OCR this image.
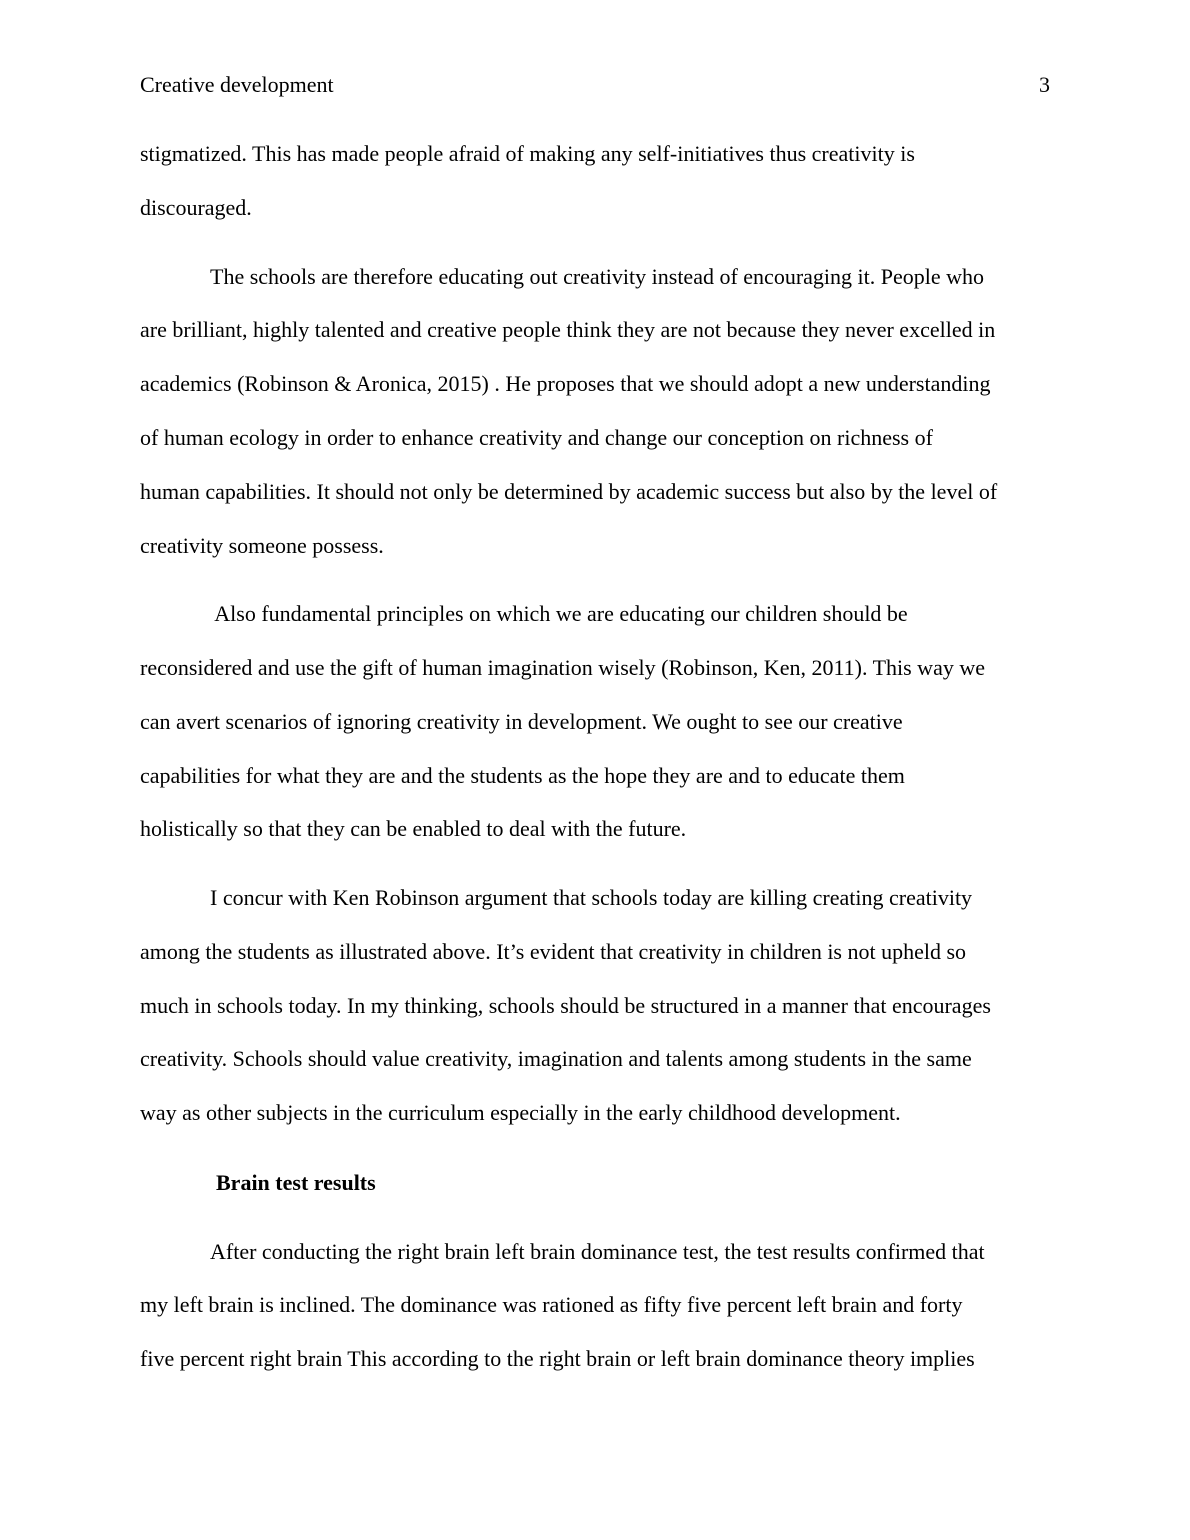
Creative development	3
stigmatized. This has made people afraid of making any self-initiatives thus creativity is
discouraged.
The schools are therefore educating out creativity instead of encouraging it. People who
are brilliant, highly talented and creative people think they are not because they never excelled in
academics (Robinson & Aronica, 2015) . He proposes that we should adopt a new understanding
of human ecology in order to enhance creativity and change our conception on richness of
human capabilities. It should not only be determined by academic success but also by the level of
creativity someone possess.
Also fundamental principles on which we are educating our children should be
reconsidered and use the gift of human imagination wisely (Robinson, Ken, 2011). This way we
can avert scenarios of ignoring creativity in development. We ought to see our creative
capabilities for what they are and the students as the hope they are and to educate them
holistically so that they can be enabled to deal with the future.
I concur with Ken Robinson argument that schools today are killing creating creativity
among the students as illustrated above. It’s evident that creativity in children is not upheld so
much in schools today. In my thinking, schools should be structured in a manner that encourages
creativity. Schools should value creativity, imagination and talents among students in the same
way as other subjects in the curriculum especially in the early childhood development.
Brain test results
After conducting the right brain left brain dominance test, the test results confirmed that
my left brain is inclined. The dominance was rationed as fifty five percent left brain and forty
five percent right brain This according to the right brain or left brain dominance theory implies
